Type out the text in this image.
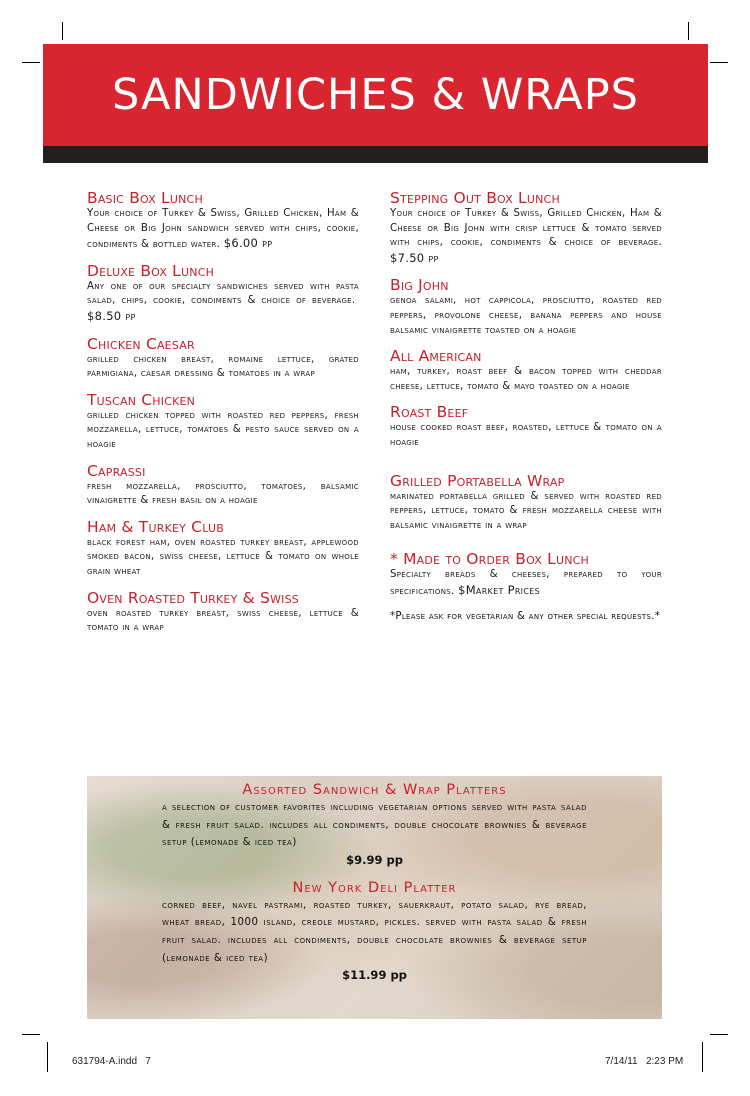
SANDWICHES & WRAPS
Basic Box Lunch
Your choice of Turkey & Swiss, Grilled Chicken, Ham & Cheese or Big John sandwich served with chips, cookie, condiments & bottled water. $6.00 pp
Deluxe Box Lunch
Any one of our specialty sandwiches served with pasta salad, chips, cookie, condiments & choice of beverage.  $8.50 pp
Chicken Caesar
grilled chicken breast, romaine lettuce, grated parmigiana, caesar dressing & tomatoes in a wrap
Tuscan Chicken
grilled chicken topped with roasted red peppers, fresh mozzarella, lettuce, tomatoes & pesto sauce served on a hoagie
Caprassi
fresh mozzarella, prosciutto, tomatoes, balsamic vinaigrette & fresh basil on a hoagie
Ham & Turkey Club
black forest ham, oven roasted turkey breast, applewood smoked bacon, swiss cheese, lettuce & tomato on whole grain wheat
Oven Roasted Turkey & Swiss
oven roasted turkey breast, swiss cheese, lettuce & tomato in a wrap
Stepping Out Box Lunch
Your choice of Turkey & Swiss, Grilled Chicken, Ham & Cheese or Big John with crisp lettuce & tomato served with chips, cookie, condiments & choice of beverage. $7.50 pp
Big John
genoa salami, hot cappicola, prosciutto, roasted red peppers, provolone cheese, banana peppers and house balsamic vinaigrette toasted on a hoagie
All American
ham, turkey, roast beef & bacon topped with cheddar cheese, lettuce, tomato & mayo toasted on a hoagie
Roast Beef
house cooked roast beef, roasted, lettuce & tomato on a hoagie
Grilled Portabella Wrap
marinated portabella grilled & served with roasted red peppers, lettuce, tomato & fresh mozzarella cheese with balsamic vinaigrette in a wrap
* Made to Order Box Lunch
Specialty breads & cheeses, prepared to your specifications. $Market Prices
*Please ask for vegetarian & any other special requests.*
Assorted Sandwich & Wrap Platters
a selection of customer favorites including vegetarian options served with pasta salad & fresh fruit salad. includes all condiments, double chocolate brownies & beverage setup (lemonade & iced tea)
$9.99 pp
New York Deli Platter
corned beef, navel pastrami, roasted turkey, sauerkraut, potato salad, rye bread, wheat bread, 1000 island, creole mustard, pickles. served with pasta salad & fresh fruit salad. includes all condiments, double chocolate brownies & beverage setup (lemonade & iced tea)
$11.99 pp
631794-A.indd   7	7/14/11   2:23 PM
